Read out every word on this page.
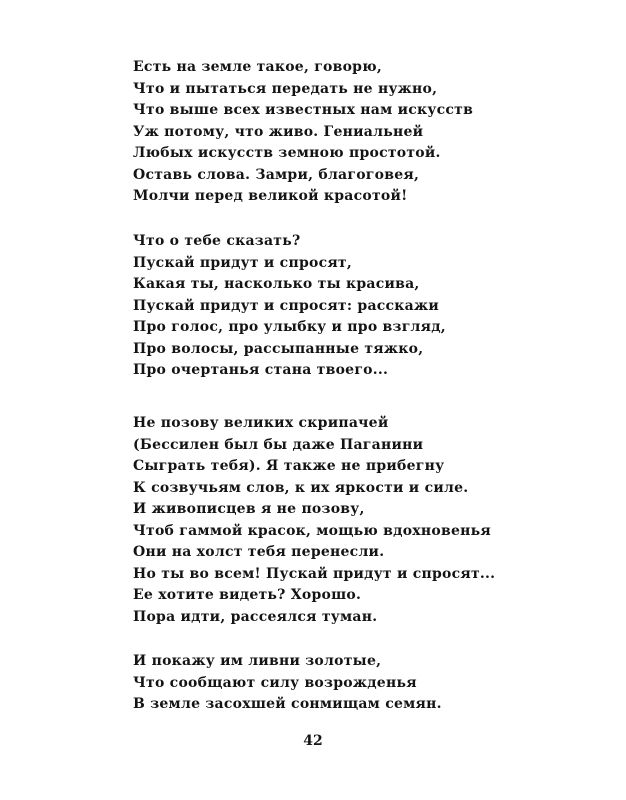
Есть на земле такое, говорю,
Что и пытаться передать не нужно,
Что выше всех известных нам искусств
Уж потому, что живо. Гениальней
Любых искусств земною простотой.
Оставь слова. Замри, благоговея,
Молчи перед великой красотой!
Что о тебе сказать?
Пускай придут и спросят,
Какая ты, насколько ты красива,
Пускай придут и спросят: расскажи
Про голос, про улыбку и про взгляд,
Про волосы, рассыпанные тяжко,
Про очертанья стана твоего...
Не позову великих скрипачей
(Бессилен был бы даже Паганини
Сыграть тебя). Я также не прибегну
К созвучьям слов, к их яркости и силе.
И живописцев я не позову,
Чтоб гаммой красок, мощью вдохновенья
Они на холст тебя перенесли.
Но ты во всем! Пускай придут и спросят...
Ее хотите видеть? Хорошо.
Пора идти, рассеялся туман.
И покажу им ливни золотые,
Что сообщают силу возрожденья
В земле засохшей сонмищам семян.
42
